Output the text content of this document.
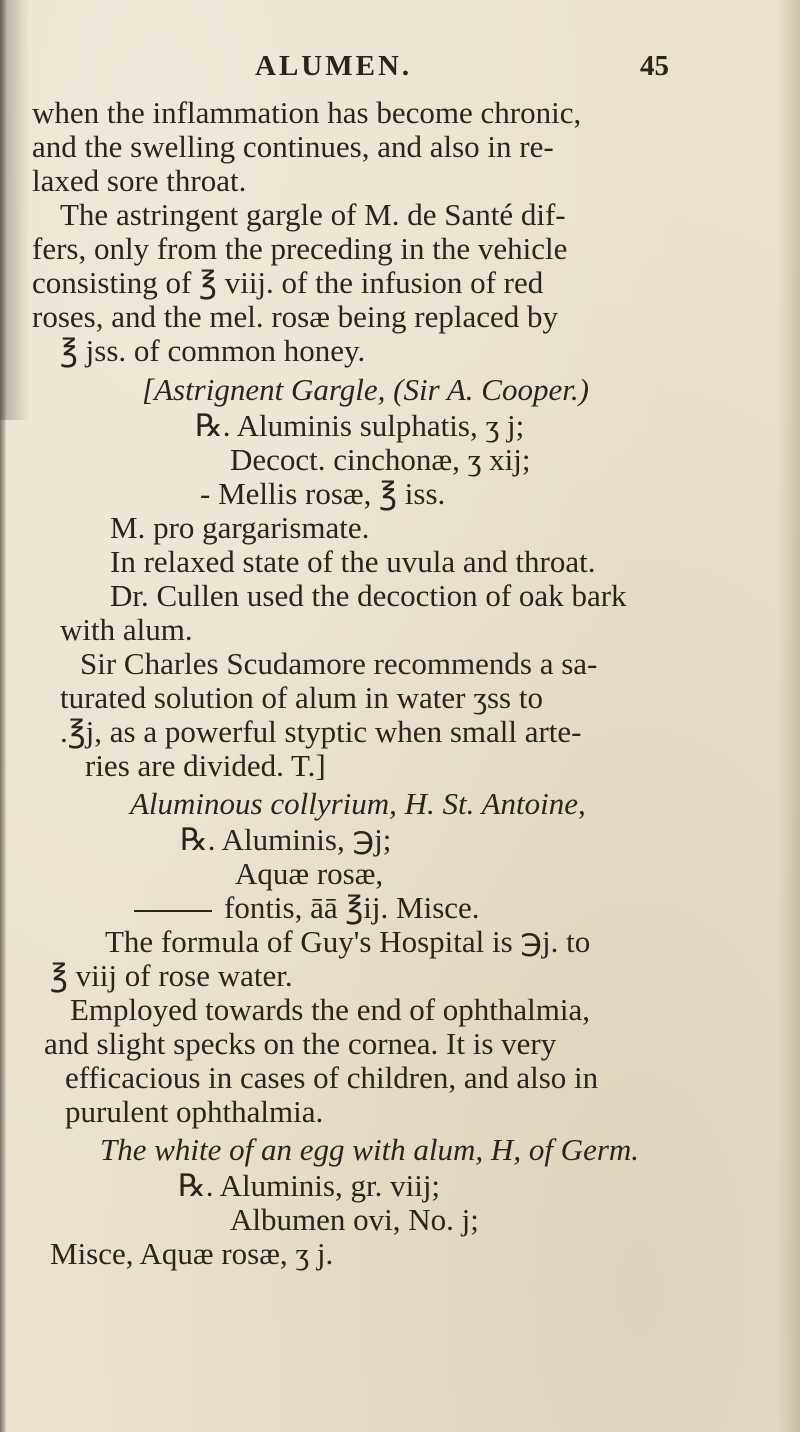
ALUMEN.	45
when the inflammation has become chronic,
and the swelling continues, and also in re-
laxed sore throat.
The astringent gargle of M. de Santé dif-
fers, only from the preceding in the vehicle
consisting of ℥ viij. of the infusion of red
roses, and the mel. rosæ being replaced by
℥ jss. of common honey.
[Astrignent Gargle, (Sir A. Cooper.)
℞. Aluminis sulphatis, ʒ j;
Decoct. cinchonæ, ʒ xij;
- Mellis rosæ, ℥ iss.
M. pro gargarismate.
In relaxed state of the uvula and throat.
Dr. Cullen used the decoction of oak bark
with alum.
Sir Charles Scudamore recommends a sa-
turated solution of alum in water ʒss to
.℥j, as a powerful styptic when small arte-
ries are divided. T.]
Aluminous collyrium, H. St. Antoine,
℞. Aluminis, ℈j;
Aquæ rosæ,
fontis, āā ℥ij. Misce.
The formula of Guy's Hospital is ℈j. to
℥ viij of rose water.
Employed towards the end of ophthalmia,
and slight specks on the cornea. It is very
efficacious in cases of children, and also in
purulent ophthalmia.
The white of an egg with alum, H, of Germ.
℞. Aluminis, gr. viij;
Albumen ovi, No. j;
Misce, Aquæ rosæ, ʒ j.
